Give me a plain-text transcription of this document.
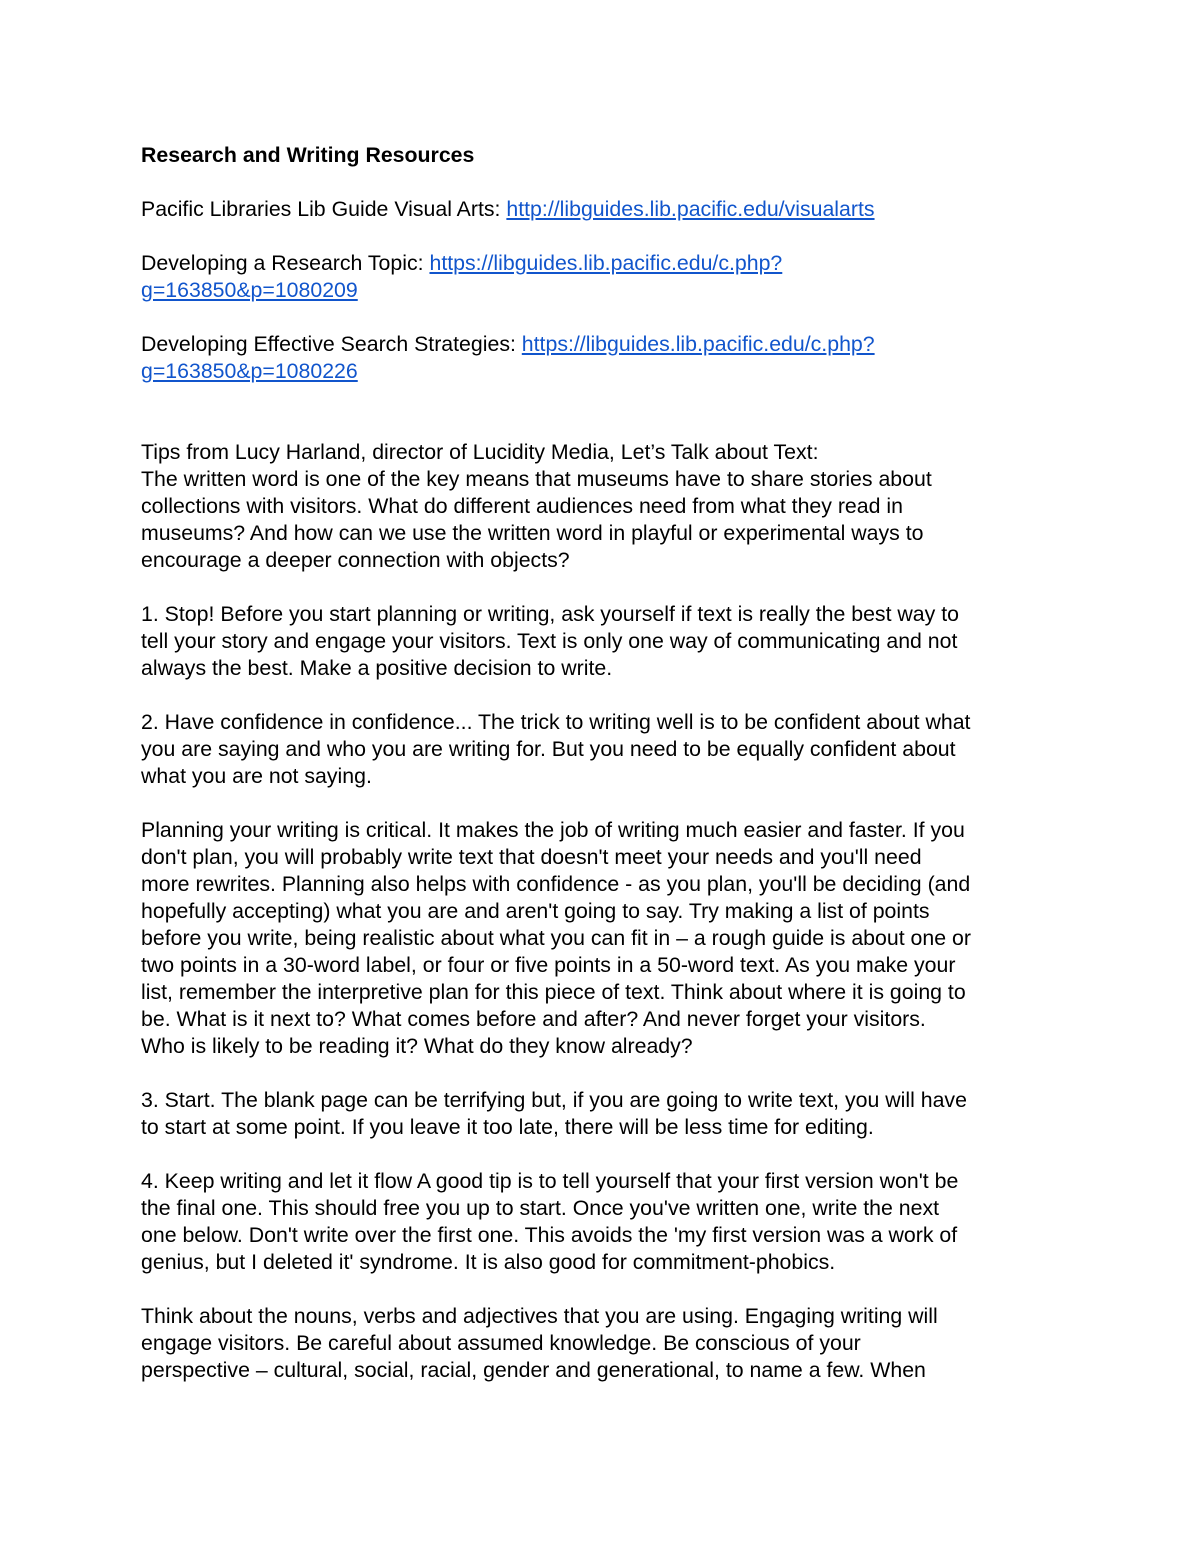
Research and Writing Resources
Pacific Libraries Lib Guide Visual Arts: http://libguides.lib.pacific.edu/visualarts
Developing a Research Topic: https://libguides.lib.pacific.edu/c.php?
g=163850&p=1080209
Developing Effective Search Strategies: https://libguides.lib.pacific.edu/c.php?
g=163850&p=1080226
Tips from Lucy Harland, director of Lucidity Media, Let’s Talk about Text:
The written word is one of the key means that museums have to share stories about
collections with visitors. What do different audiences need from what they read in
museums? And how can we use the written word in playful or experimental ways to
encourage a deeper connection with objects?
1. Stop! Before you start planning or writing, ask yourself if text is really the best way to
tell your story and engage your visitors. Text is only one way of communicating and not
always the best. Make a positive decision to write.
2. Have confidence in confidence... The trick to writing well is to be confident about what
you are saying and who you are writing for. But you need to be equally confident about
what you are not saying.
Planning your writing is critical. It makes the job of writing much easier and faster. If you
don't plan, you will probably write text that doesn't meet your needs and you'll need
more rewrites. Planning also helps with confidence - as you plan, you'll be deciding (and
hopefully accepting) what you are and aren't going to say. Try making a list of points
before you write, being realistic about what you can fit in – a rough guide is about one or
two points in a 30-word label, or four or five points in a 50-word text. As you make your
list, remember the interpretive plan for this piece of text. Think about where it is going to
be. What is it next to? What comes before and after? And never forget your visitors.
Who is likely to be reading it? What do they know already?
3. Start. The blank page can be terrifying but, if you are going to write text, you will have
to start at some point. If you leave it too late, there will be less time for editing.
4. Keep writing and let it flow A good tip is to tell yourself that your first version won't be
the final one. This should free you up to start. Once you've written one, write the next
one below. Don't write over the first one. This avoids the 'my first version was a work of
genius, but I deleted it' syndrome. It is also good for commitment-phobics.
Think about the nouns, verbs and adjectives that you are using. Engaging writing will
engage visitors. Be careful about assumed knowledge. Be conscious of your
perspective – cultural, social, racial, gender and generational, to name a few. When
